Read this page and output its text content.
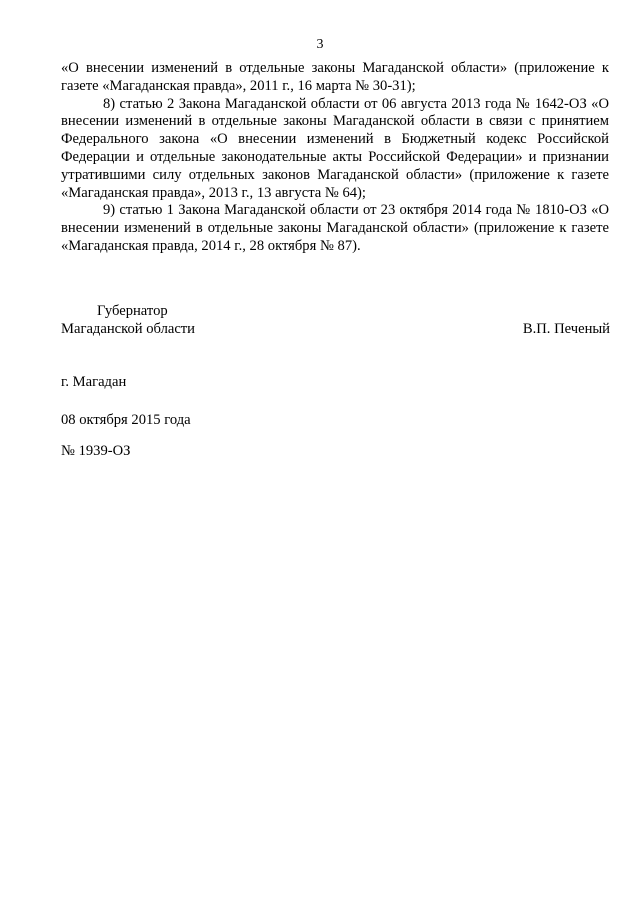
3

«О внесении изменений в отдельные законы Магаданской области» (приложение к газете «Магаданская правда», 2011 г., 16 марта № 30-31);

8) статью 2 Закона Магаданской области от 06 августа 2013 года № 1642-ОЗ «О внесении изменений в отдельные законы Магаданской области в связи с принятием Федерального закона «О внесении изменений в Бюджетный кодекс Российской Федерации и отдельные законодательные акты Российской Федерации» и признании утратившими силу отдельных законов Магаданской области» (приложение к газете «Магаданская правда», 2013 г., 13 августа № 64);

9) статью 1 Закона Магаданской области от 23 октября 2014 года № 1810-ОЗ «О внесении изменений в отдельные законы Магаданской области» (приложение к газете «Магаданская правда, 2014 г., 28 октября № 87).

Губернатор
Магаданской области	В.П. Печеный
г. Магадан
08 октября 2015 года
№ 1939-ОЗ
